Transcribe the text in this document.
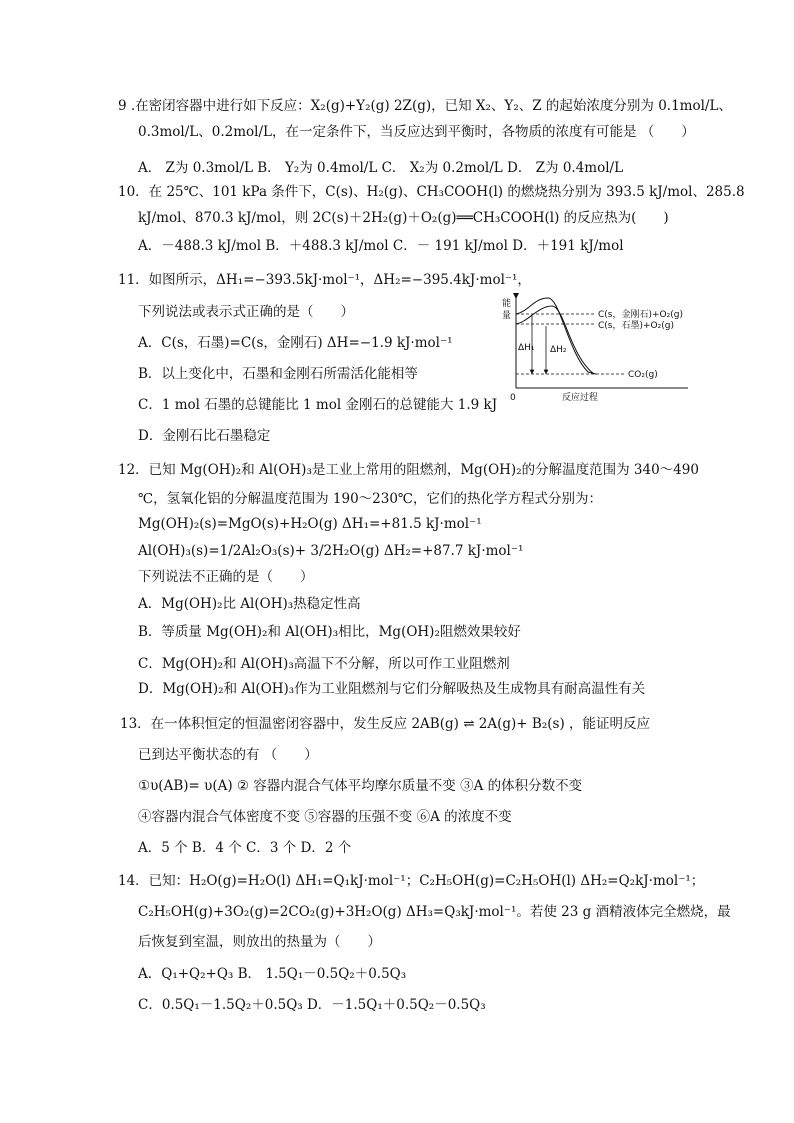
9 .在密闭容器中进行如下反应：X₂(g)+Y₂(g) 2Z(g)，已知 X₂、Y₂、Z 的起始浓度分别为 0.1mol/L、
0.3mol/L、0.2mol/L，在一定条件下，当反应达到平衡时，各物质的浓度有可能是 （　　）
A． Z为 0.3mol/L B． Y₂为 0.4mol/L C． X₂为 0.2mol/L D． Z为 0.4mol/L
10．在 25℃、101 kPa 条件下，C(s)、H₂(g)、CH₃COOH(l) 的燃烧热分别为 393.5 kJ/mol、285.8
kJ/mol、870.3 kJ/mol，则 2C(s)＋2H₂(g)＋O₂(g)══CH₃COOH(l) 的反应热为(　　)
A．－488.3 kJ/mol B．＋488.3 kJ/mol C．－ 191 kJ/mol D．＋191 kJ/mol
11．如图所示，ΔH₁=−393.5kJ·mol⁻¹，ΔH₂=−395.4kJ·mol⁻¹，
下列说法或表示式正确的是（　　）
A．C(s，石墨)=C(s，金刚石) ΔH=−1.9 kJ·mol⁻¹
B．以上变化中，石墨和金刚石所需活化能相等
C．1 mol 石墨的总键能比 1 mol 金刚石的总键能大 1.9 kJ
D．金刚石比石墨稳定
能
量	C(s，金刚石)+O₂(g)
C(s，石墨)+O₂(g)
CO₂(g)
ΔH₁ ΔH₂
0	反应过程
12．已知 Mg(OH)₂和 Al(OH)₃是工业上常用的阻燃剂，Mg(OH)₂的分解温度范围为 340～490
℃，氢氧化铝的分解温度范围为 190～230℃，它们的热化学方程式分别为：
Mg(OH)₂(s)=MgO(s)+H₂O(g) ΔH₁=+81.5 kJ·mol⁻¹
Al(OH)₃(s)=1/2Al₂O₃(s)+ 3/2H₂O(g) ΔH₂=+87.7 kJ·mol⁻¹
下列说法不正确的是（　　）
A．Mg(OH)₂比 Al(OH)₃热稳定性高
B．等质量 Mg(OH)₂和 Al(OH)₃相比，Mg(OH)₂阻燃效果较好
C．Mg(OH)₂和 Al(OH)₃高温下不分解，所以可作工业阻燃剂
D．Mg(OH)₂和 Al(OH)₃作为工业阻燃剂与它们分解吸热及生成物具有耐高温性有关
13．在一体积恒定的恒温密闭容器中，发生反应 2AB(g) ⇌ 2A(g)+ B₂(s) ，能证明反应
已到达平衡状态的有 （　　）
①υ(AB)= υ(A) ② 容器内混合气体平均摩尔质量不变 ③A 的体积分数不变
④容器内混合气体密度不变 ⑤容器的压强不变 ⑥A 的浓度不变
A．5 个 B．4 个 C．3 个 D．2 个
14．已知：H₂O(g)=H₂O(l) ΔH₁=Q₁kJ·mol⁻¹；C₂H₅OH(g)=C₂H₅OH(l) ΔH₂=Q₂kJ·mol⁻¹；
C₂H₅OH(g)+3O₂(g)=2CO₂(g)+3H₂O(g) ΔH₃=Q₃kJ·mol⁻¹。若使 23 g 酒精液体完全燃烧，最
后恢复到室温，则放出的热量为（　　）
A．Q₁+Q₂+Q₃ B． 1.5Q₁－0.5Q₂＋0.5Q₃
C．0.5Q₁－1.5Q₂＋0.5Q₃ D．－1.5Q₁＋0.5Q₂－0.5Q₃
